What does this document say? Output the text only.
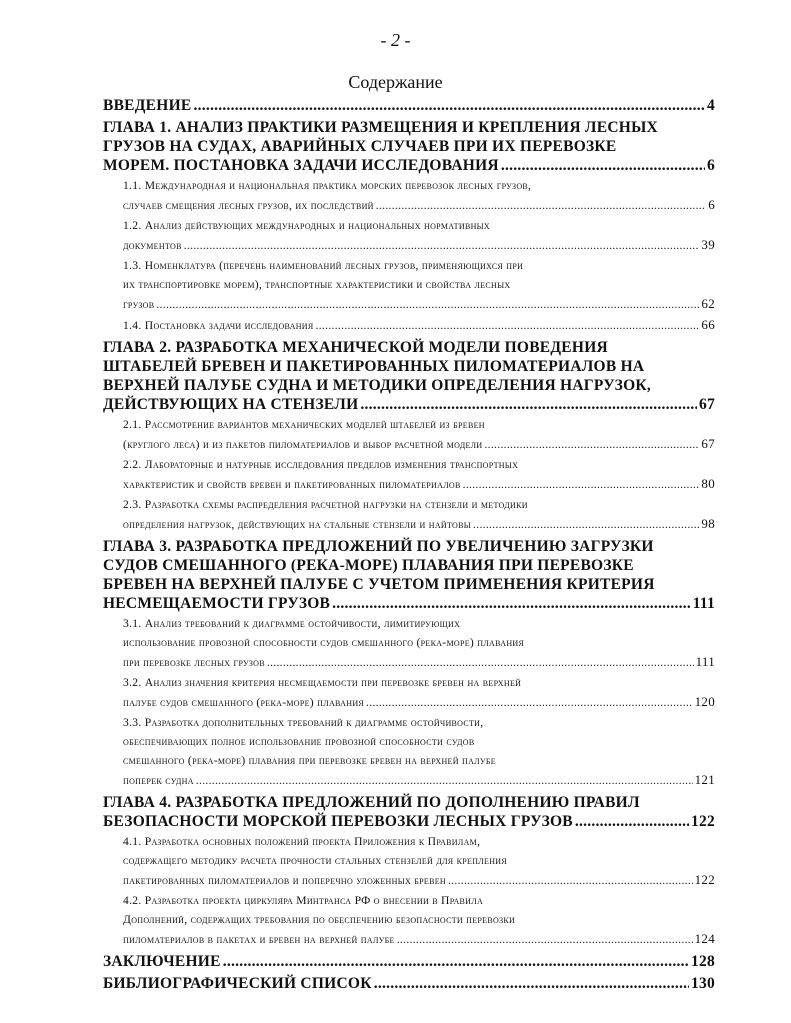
- 2 -
Содержание
ВВЕДЕНИЕ .....	4
ГЛАВА 1. АНАЛИЗ ПРАКТИКИ РАЗМЕЩЕНИЯ И КРЕПЛЕНИЯ ЛЕСНЫХ
ГРУЗОВ НА СУДАХ, АВАРИЙНЫХ СЛУЧАЕВ ПРИ ИХ ПЕРЕВОЗКЕ
МОРЕМ. ПОСТАНОВКА ЗАДАЧИ ИССЛЕДОВАНИЯ .....	6
1.1. Международная и национальная практика морских перевозок лесных грузов,
случаев смещения лесных грузов, их последствий .....	6
1.2. Анализ действующих международных и национальных нормативных
документов .....	39
1.3. Номенклатура (перечень наименований лесных грузов, применяющихся при
их транспортировке морем), транспортные характеристики и свойства лесных
грузов .....	62
1.4. Постановка задачи исследования .....	66
ГЛАВА 2. РАЗРАБОТКА МЕХАНИЧЕСКОЙ МОДЕЛИ ПОВЕДЕНИЯ
ШТАБЕЛЕЙ БРЕВЕН И ПАКЕТИРОВАННЫХ ПИЛОМАТЕРИАЛОВ НА
ВЕРХНЕЙ ПАЛУБЕ СУДНА И МЕТОДИКИ ОПРЕДЕЛЕНИЯ НАГРУЗОК,
ДЕЙСТВУЮЩИХ НА СТЕНЗЕЛИ .....	67
2.1. Рассмотрение вариантов механических моделей штабелей из бревен
(круглого леса) и из пакетов пиломатериалов и выбор расчетной модели .....	67
2.2. Лабораторные и натурные исследования пределов изменения транспортных
характеристик и свойств бревен и пакетированных пиломатериалов .....	80
2.3. Разработка схемы распределения расчетной нагрузки на стензели и методики
определения нагрузок, действующих на стальные стензели и найтовы .....	98
ГЛАВА 3. РАЗРАБОТКА ПРЕДЛОЖЕНИЙ ПО УВЕЛИЧЕНИЮ ЗАГРУЗКИ
СУДОВ СМЕШАННОГО (РЕКА-МОРЕ) ПЛАВАНИЯ ПРИ ПЕРЕВОЗКЕ
БРЕВЕН НА ВЕРХНЕЙ ПАЛУБЕ С УЧЕТОМ ПРИМЕНЕНИЯ КРИТЕРИЯ
НЕСМЕЩАЕМОСТИ ГРУЗОВ .....	111
3.1. Анализ требований к диаграмме остойчивости, лимитирующих
использование провозной способности судов смешанного (река-море) плавания
при перевозке лесных грузов .....	111
3.2. Анализ значения критерия несмещаемости при перевозке бревен на верхней
палубе судов смешанного (река-море) плавания .....	120
3.3. Разработка дополнительных требований к диаграмме остойчивости,
обеспечивающих полное использование провозной способности судов
смешанного (река-море) плавания при перевозке бревен на верхней палубе
поперек судна .....	121
ГЛАВА 4. РАЗРАБОТКА ПРЕДЛОЖЕНИЙ ПО ДОПОЛНЕНИЮ ПРАВИЛ
БЕЗОПАСНОСТИ МОРСКОЙ ПЕРЕВОЗКИ ЛЕСНЫХ ГРУЗОВ .....	122
4.1. Разработка основных положений проекта Приложения к Правилам,
содержащего методику расчета прочности стальных стензелей для крепления
пакетированных пиломатериалов и поперечно уложенных бревен .....	122
4.2. Разработка проекта циркуляра Минтранса РФ о внесении в Правила
Дополнений, содержащих требования по обеспечению безопасности перевозки
пиломатериалов в пакетах и бревен на верхней палубе .....	124
ЗАКЛЮЧЕНИЕ .....	128
БИБЛИОГРАФИЧЕСКИЙ СПИСОК .....	130
